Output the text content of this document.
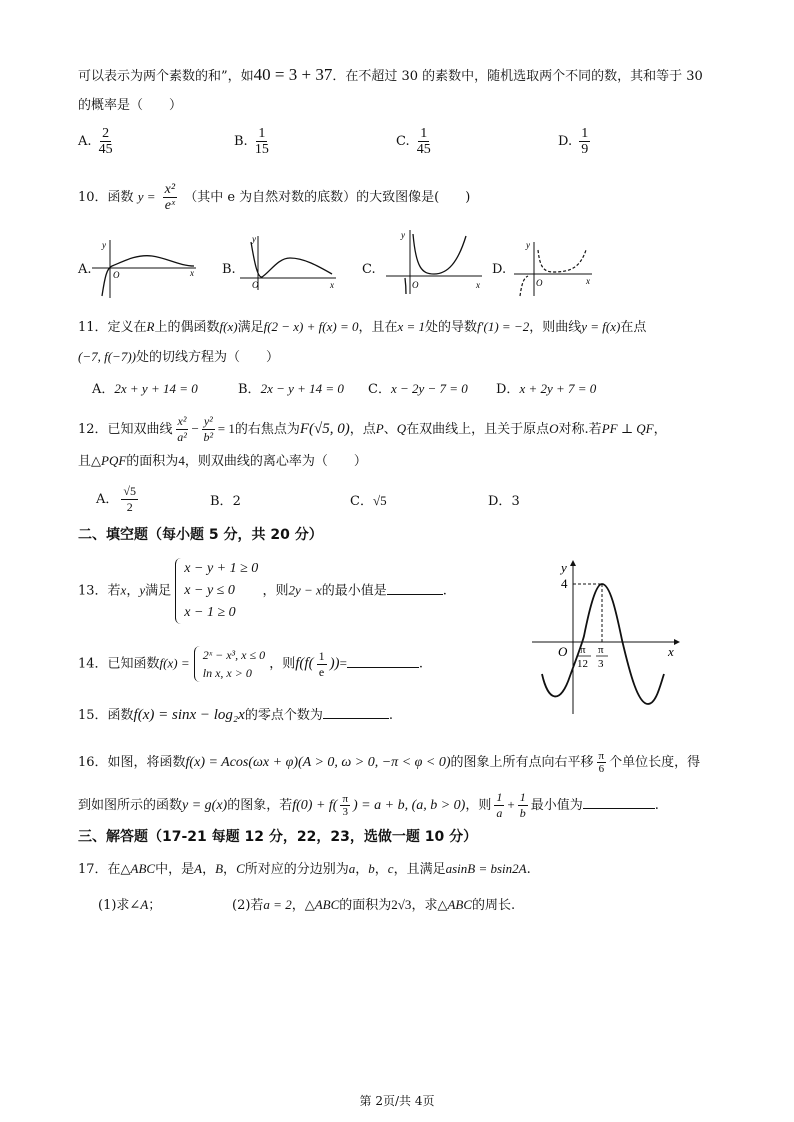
可以表示为两个素数的和”，如40 = 3 + 37．在不超过 30 的素数中，随机选取两个不同的数，其和等于 30
的概率是（　　）
A. $\frac{2}{45}$	B. $\frac{1}{15}$	C. $\frac{1}{45}$	D. $\frac{1}{9}$
10．函数 $y = \frac{\text{x²}}{\text{eˣ}}$ （其中 e 为自然对数的底数）的大致图像是(　　)
A.	B.	C.	D.
y
O	x
y
O	x
y
O	x
y
O	x
11．定义在R上的偶函数f(x)满足f(2 − x) + f(x) = 0，且在x = 1处的导数f′(1) = −2，则曲线y = f(x)在点
(−7, f(−7))处的切线方程为（　　）
A．2x + y + 14 = 0	B．2x − y + 14 = 0 C．x − 2y − 7 = 0 D．x + 2y + 7 = 0
12．已知双曲线 $\frac{\text{x²}}{\text{a²}} - \frac{\text{y²}}{\text{b²}} = 1$的右焦点为F(√5, 0)，点P、Q在双曲线上，且关于原点O对称.若PF ⊥ QF，
且△PQF的面积为4，则双曲线的离心率为（　　）
A． $\frac{√5}{2}$	B．2	C．√5	D．3
二、填空题（每小题 5 分，共 20 分）
13．若x，y满足
x − y + 1 ≥ 0
x − y ≤ 0
x − 1 ≥ 0
，则2y − x的最小值是	.
14．已知函数f(x) =
2ˣ − x³, x ≤ 0
ln x, x > 0
，则$f(f( \frac{1}{e}$ ))=	.
15．函数f(x) = sinx − log₂x的零点个数为	.
y
x
O
4
π
12
π
3
16．如图，将函数f(x) = Acos(ωx + φ)(A > 0, ω > 0, −π < φ < 0)的图象上所有点向右平移 $\frac{\pi}{6}$ 个单位长度，得
到如图所示的函数y = g(x)的图象，若$f(0) + f( \frac{\pi}{3}$ ) = a + b, (a, b > 0)，则 $\frac{1}{a} + \frac{1}{b}$ 最小值为	.
三、解答题（17-21 每题 12 分，22，23，选做一题 10 分）
17．在△ABC中，是A，B，C所对应的分边别为a，b，c，且满足asinB = bsin2A.
(1)求∠A；	(2)若a = 2，△ABC的面积为2√3，求△ABC的周长.
第 2页/共 4页
